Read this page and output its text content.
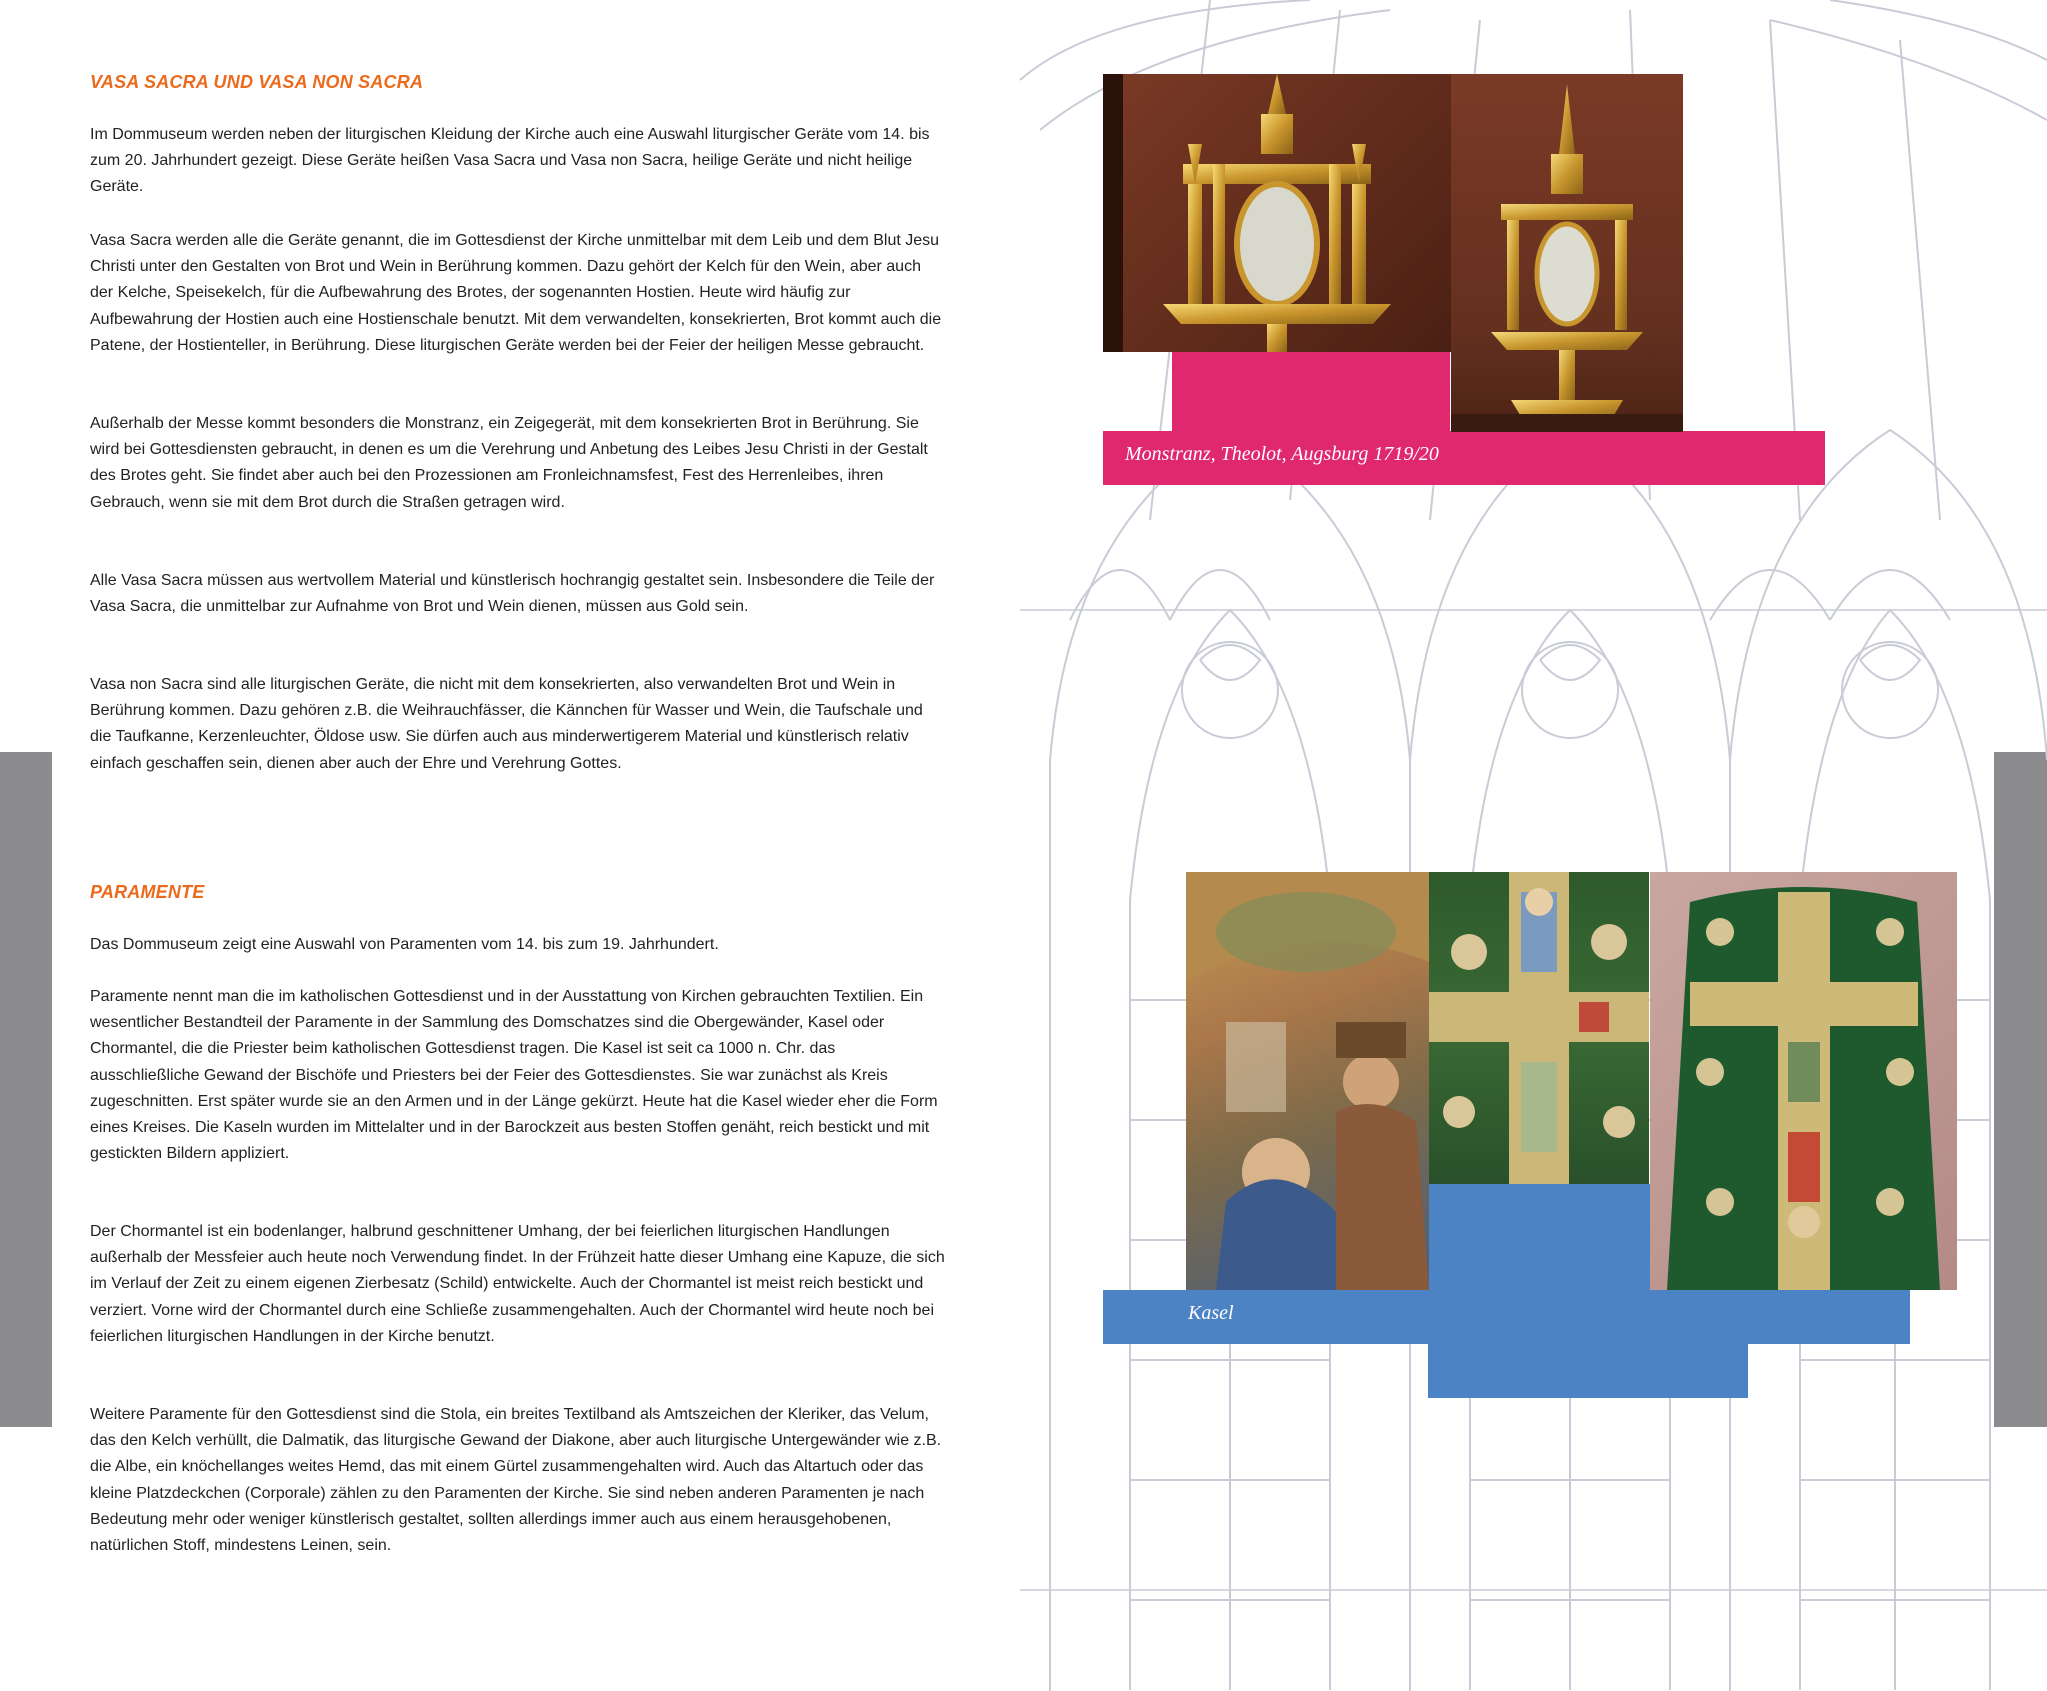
VASA SACRA UND VASA NON SACRA

Im Dommuseum werden neben der liturgischen Kleidung der Kirche auch eine Auswahl liturgischer Geräte vom 14. bis zum 20. Jahrhundert gezeigt. Diese Geräte heißen Vasa Sacra und Vasa non Sacra, heilige Geräte und nicht heilige Geräte.

Vasa Sacra werden alle die Geräte genannt, die im Gottesdienst der Kirche unmittelbar mit dem Leib und dem Blut Jesu Christi unter den Gestalten von Brot und Wein in Berührung kommen. Dazu gehört der Kelch für den Wein, aber auch der Kelche, Speisekelch, für die Aufbewahrung des Brotes, der sogenannten Hostien. Heute wird häufig zur Aufbewahrung der Hostien auch eine Hostienschale benutzt. Mit dem verwandelten, konsekrierten, Brot kommt auch die Patene, der Hostienteller, in Berührung. Diese liturgischen Geräte werden bei der Feier der heiligen Messe gebraucht.

Außerhalb der Messe kommt besonders die Monstranz, ein Zeigegerät, mit dem konsekrierten Brot in Berührung. Sie wird bei Gottesdiensten gebraucht, in denen es um die Verehrung und Anbetung des Leibes Jesu Christi in der Gestalt des Brotes geht. Sie findet aber auch bei den Prozessionen am Fronleichnamsfest, Fest des Herrenleibes, ihren Gebrauch, wenn sie mit dem Brot durch die Straßen getragen wird.

Alle Vasa Sacra müssen aus wertvollem Material und künstlerisch hochrangig gestaltet sein. Insbesondere die Teile der Vasa Sacra, die unmittelbar zur Aufnahme von Brot und Wein dienen, müssen aus Gold sein.

Vasa non Sacra sind alle liturgischen Geräte, die nicht mit dem konsekrierten, also verwandelten Brot und Wein in Berührung kommen. Dazu gehören z.B. die Weihrauchfässer, die Kännchen für Wasser und Wein, die Taufschale und die Taufkanne, Kerzenleuchter, Öldose usw. Sie dürfen auch aus minderwertigerem Material und künstlerisch relativ einfach geschaffen sein, dienen aber auch der Ehre und Verehrung Gottes.

PARAMENTE

Das Dommuseum zeigt eine Auswahl von Paramenten vom 14. bis zum 19. Jahrhundert.

Paramente nennt man die im katholischen Gottesdienst und in der Ausstattung von Kirchen gebrauchten Textilien. Ein wesentlicher Bestandteil der Paramente in der Sammlung des Domschatzes sind die Obergewänder, Kasel oder Chormantel, die die Priester beim katholischen Gottesdienst tragen. Die Kasel ist seit ca 1000 n. Chr. das ausschließliche Gewand der Bischöfe und Priesters bei der Feier des Gottesdienstes. Sie war zunächst als Kreis zugeschnitten. Erst später wurde sie an den Armen und in der Länge gekürzt. Heute hat die Kasel wieder eher die Form eines Kreises. Die Kaseln wurden im Mittelalter und in der Barockzeit aus besten Stoffen genäht, reich bestickt und mit gestickten Bildern appliziert.

Der Chormantel ist ein bodenlanger, halbrund geschnittener Umhang, der bei feierlichen liturgischen Handlungen außerhalb der Messfeier auch heute noch Verwendung findet. In der Frühzeit hatte dieser Umhang eine Kapuze, die sich im Verlauf der Zeit zu einem eigenen Zierbesatz (Schild) entwickelte. Auch der Chormantel ist meist reich bestickt und verziert. Vorne wird der Chormantel durch eine Schließe zusammengehalten. Auch der Chormantel wird heute noch bei feierlichen liturgischen Handlungen in der Kirche benutzt.

Weitere Paramente für den Gottesdienst sind die Stola, ein breites Textilband als Amtszeichen der Kleriker, das Velum, das den Kelch verhüllt, die Dalmatik, das liturgische Gewand der Diakone, aber auch liturgische Untergewänder wie z.B. die Albe, ein knöchellanges weites Hemd, das mit einem Gürtel zusammengehalten wird. Auch das Altartuch oder das kleine Platzdeckchen (Corporale) zählen zu den Paramenten der Kirche. Sie sind neben anderen Paramenten je nach Bedeutung mehr oder weniger künstlerisch gestaltet, sollten allerdings immer auch aus einem herausgehobenen, natürlichen Stoff, mindestens Leinen, sein.

Monstranz, Theolot, Augsburg 1719/20

Kasel
